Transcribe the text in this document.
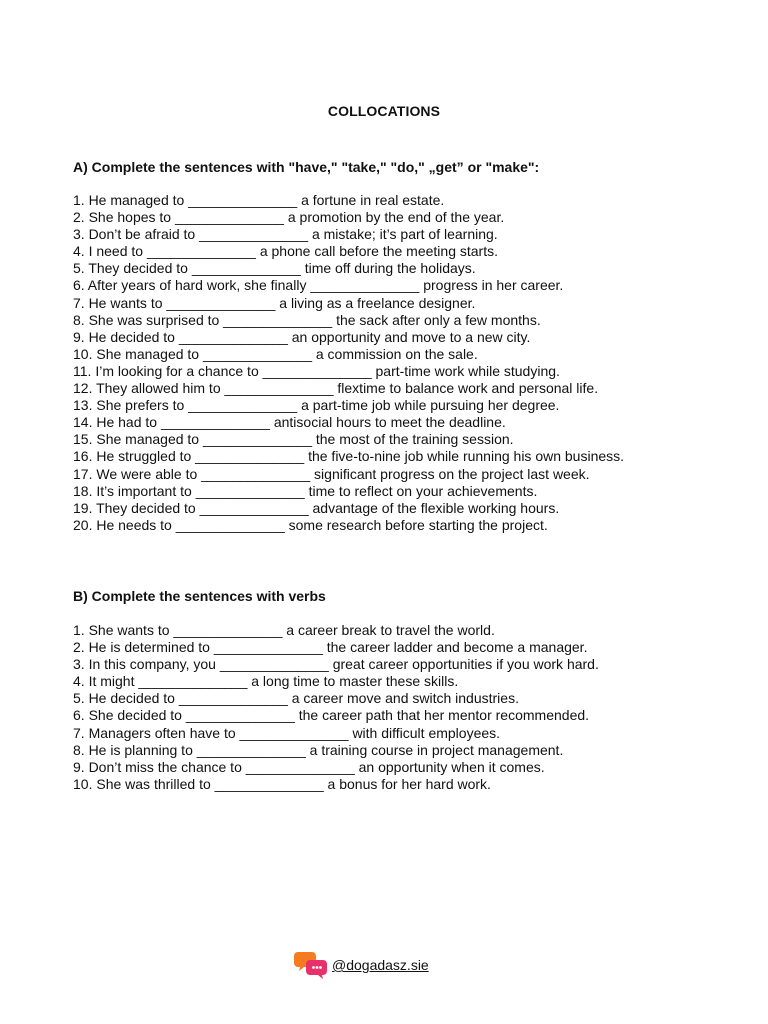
COLLOCATIONS
A) Complete the sentences with "have," "take," "do," „get” or "make":
1. He managed to ______________ a fortune in real estate.
2. She hopes to ______________ a promotion by the end of the year.
3. Don’t be afraid to ______________ a mistake; it’s part of learning.
4. I need to ______________ a phone call before the meeting starts.
5. They decided to ______________ time off during the holidays.
6. After years of hard work, she finally ______________ progress in her career.
7. He wants to ______________ a living as a freelance designer.
8. She was surprised to ______________ the sack after only a few months.
9. He decided to ______________ an opportunity and move to a new city.
10. She managed to ______________ a commission on the sale.
11. I’m looking for a chance to ______________ part-time work while studying.
12. They allowed him to ______________ flextime to balance work and personal life.
13. She prefers to ______________ a part-time job while pursuing her degree.
14. He had to ______________ antisocial hours to meet the deadline.
15. She managed to ______________ the most of the training session.
16. He struggled to ______________ the five-to-nine job while running his own business.
17. We were able to ______________ significant progress on the project last week.
18. It’s important to ______________ time to reflect on your achievements.
19. They decided to ______________ advantage of the flexible working hours.
20. He needs to ______________ some research before starting the project.
B) Complete the sentences with verbs
1. She wants to ______________ a career break to travel the world.
2. He is determined to ______________ the career ladder and become a manager.
3. In this company, you ______________ great career opportunities if you work hard.
4. It might ______________ a long time to master these skills.
5. He decided to ______________ a career move and switch industries.
6. She decided to ______________ the career path that her mentor recommended.
7. Managers often have to ______________ with difficult employees.
8. He is planning to ______________ a training course in project management.
9. Don’t miss the chance to ______________ an opportunity when it comes.
10. She was thrilled to ______________ a bonus for her hard work.
@dogadasz.sie
